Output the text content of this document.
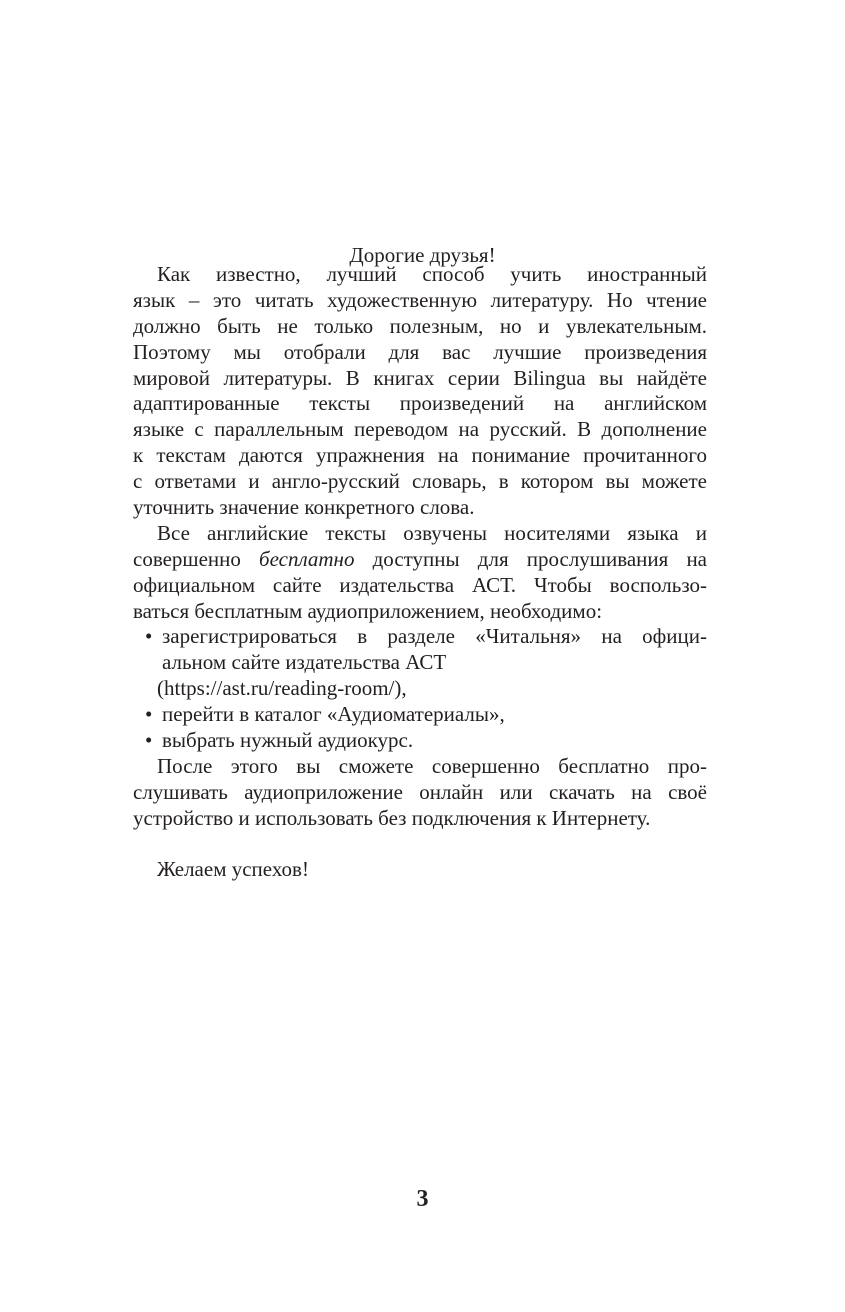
Дорогие друзья!
Как известно, лучший способ учить иностранный
язык – это читать художественную литературу. Но чтение
должно быть не только полезным, но и увлекательным.
Поэтому мы отобрали для вас лучшие произведения
мировой литературы. В книгах серии Bilingua вы найдёте
адаптированные тексты произведений на английском
языке с параллельным переводом на русский. В дополнение
к текстам даются упражнения на понимание прочитанного
с ответами и англо-русский словарь, в котором вы можете
уточнить значение конкретного слова.
Все английские тексты озвучены носителями языка и
совершенно бесплатно доступны для прослушивания на
официальном сайте издательства АСТ. Чтобы воспользо-
ваться бесплатным аудиоприложением, необходимо:
• зарегистрироваться в разделе «Читальня» на офици-
альном сайте издательства АСТ
(https://ast.ru/reading-room/),
• перейти в каталог «Аудиоматериалы»,
• выбрать нужный аудиокурс.
После этого вы сможете совершенно бесплатно про-
слушивать аудиоприложение онлайн или скачать на своё
устройство и использовать без подключения к Интернету.
Желаем успехов!
3
